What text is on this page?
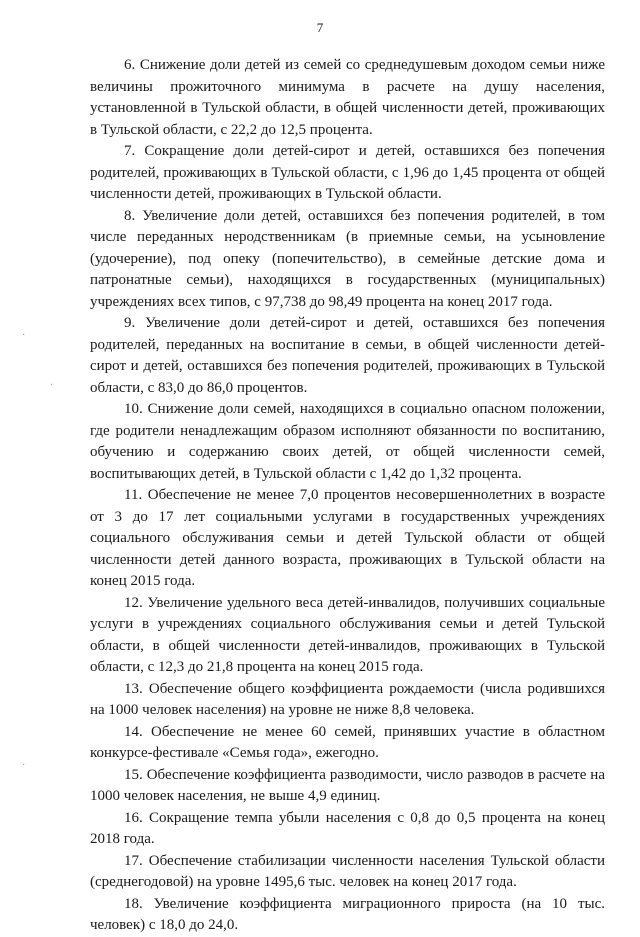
7
·
·
·

6. Снижение доли детей из семей со среднедушевым доходом семьи ниже величины прожиточного минимума в расчете на душу населения, установленной в Тульской области, в общей численности детей, проживающих в Тульской области, с 22,2 до 12,5 процента.

7. Сокращение доли детей-сирот и детей, оставшихся без попечения родителей, проживающих в Тульской области, с 1,96 до 1,45 процента от общей численности детей, проживающих в Тульской области.

8. Увеличение доли детей, оставшихся без попечения родителей, в том числе переданных неродственникам (в приемные семьи, на усыновление (удочерение), под опеку (попечительство), в семейные детские дома и патронатные семьи), находящихся в государственных (муниципальных) учреждениях всех типов, с 97,738 до 98,49 процента на конец 2017 года.

9. Увеличение доли детей-сирот и детей, оставшихся без попечения родителей, переданных на воспитание в семьи, в общей численности детей-сирот и детей, оставшихся без попечения родителей, проживающих в Тульской области, с 83,0 до 86,0 процентов.

10. Снижение доли семей, находящихся в социально опасном положении, где родители ненадлежащим образом исполняют обязанности по воспитанию, обучению и содержанию своих детей, от общей численности семей, воспитывающих детей, в Тульской области с 1,42 до 1,32 процента.

11. Обеспечение не менее 7,0 процентов несовершеннолетних в возрасте от 3 до 17 лет социальными услугами в государственных учреждениях социального обслуживания семьи и детей Тульской области от общей численности детей данного возраста, проживающих в Тульской области на конец 2015 года.

12. Увеличение удельного веса детей-инвалидов, получивших социальные услуги в учреждениях социального обслуживания семьи и детей Тульской области, в общей численности детей-инвалидов, проживающих в Тульской области, с 12,3 до 21,8 процента на конец 2015 года.

13. Обеспечение общего коэффициента рождаемости (числа родившихся на 1000 человек населения) на уровне не ниже 8,8 человека.

14. Обеспечение не менее 60 семей, принявших участие в областном конкурсе-фестивале «Семья года», ежегодно.

15. Обеспечение коэффициента разводимости, число разводов в расчете на 1000 человек населения, не выше 4,9 единиц.

16. Сокращение темпа убыли населения с 0,8 до 0,5 процента на конец 2018 года.

17. Обеспечение стабилизации численности населения Тульской области (среднегодовой) на уровне 1495,6 тыс. человек на конец 2017 года.

18. Увеличение коэффициента миграционного прироста (на 10 тыс. человек) с 18,0 до 24,0.
